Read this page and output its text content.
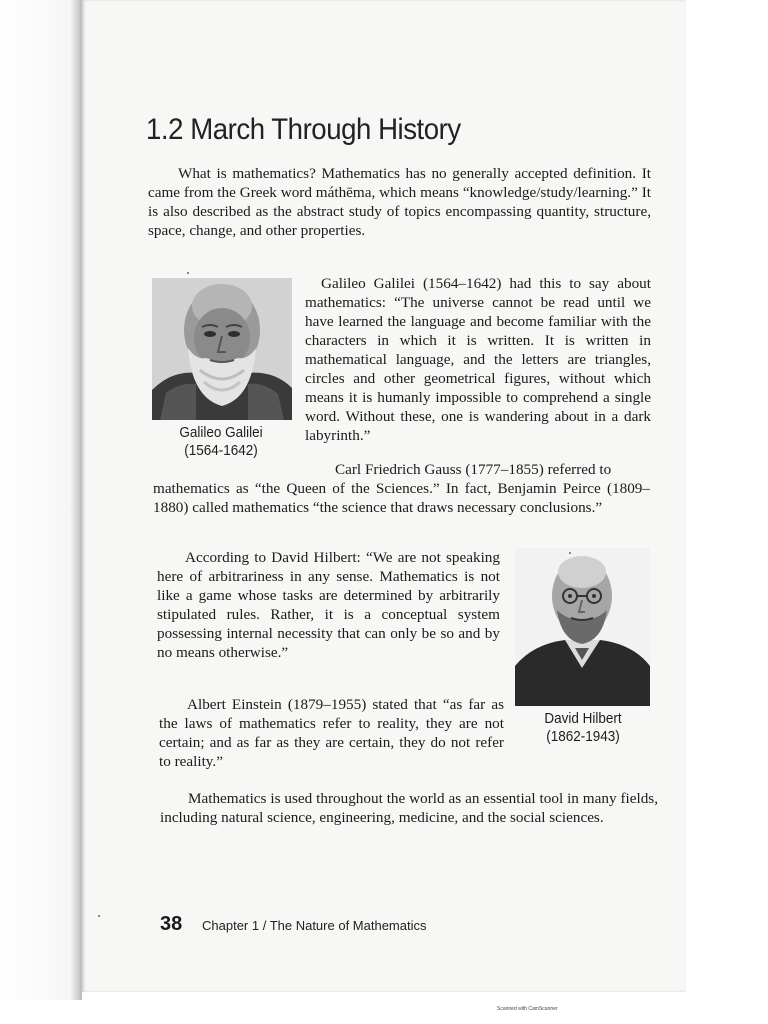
1.2 March Through History

What is mathematics? Mathematics has no generally accepted definition. It came from the Greek word máthēma, which means “knowledge/study/learning.” It is also described as the abstract study of topics encompassing quantity, structure, space, change, and other properties.

Galileo Galilei
(1564-1642)

Galileo Galilei (1564–1642) had this to say about mathematics: “The universe cannot be read until we have learned the language and become familiar with the characters in which it is written. It is written in mathematical language, and the letters are triangles, circles and other geometrical figures, without which means it is humanly impossible to comprehend a single word. Without these, one is wandering about in a dark labyrinth.”

Carl Friedrich Gauss (1777–1855) referred to
mathematics as “the Queen of the Sciences.” In fact, Benjamin Peirce (1809–1880) called mathematics “the science that draws necessary conclusions.”

According to David Hilbert: “We are not speaking here of arbitrariness in any sense. Mathematics is not like a game whose tasks are determined by arbitrarily stipulated rules. Rather, it is a conceptual system possessing internal necessity that can only be so and by no means otherwise.”

David Hilbert
(1862-1943)

Albert Einstein (1879–1955) stated that “as far as the laws of mathematics refer to reality, they are not certain; and as far as they are certain, they do not refer to reality.”

Mathematics is used throughout the world as an essential tool in many fields, including natural science, engineering, medicine, and the social sciences.

38 Chapter 1 / The Nature of Mathematics
Scanned with CamScanner
